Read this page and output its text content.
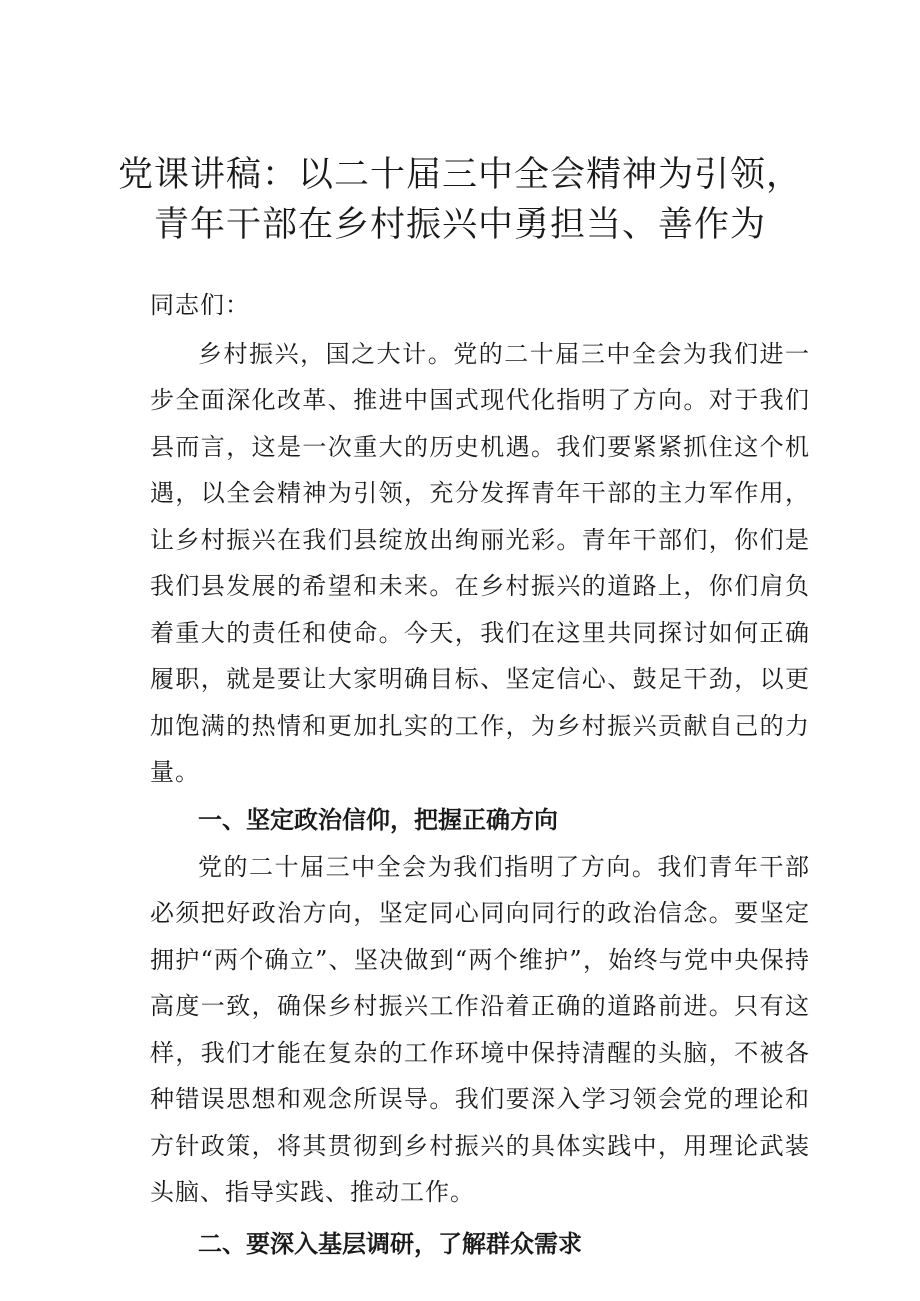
党课讲稿：以二十届三中全会精神为引领，
青年干部在乡村振兴中勇担当、善作为

同志们：

乡村振兴，国之大计。党的二十届三中全会为我们进一步全面深化改革、推进中国式现代化指明了方向。对于我们县而言，这是一次重大的历史机遇。我们要紧紧抓住这个机遇，以全会精神为引领，充分发挥青年干部的主力军作用，让乡村振兴在我们县绽放出绚丽光彩。青年干部们，你们是我们县发展的希望和未来。在乡村振兴的道路上，你们肩负着重大的责任和使命。今天，我们在这里共同探讨如何正确履职，就是要让大家明确目标、坚定信心、鼓足干劲，以更加饱满的热情和更加扎实的工作，为乡村振兴贡献自己的力量。

一、坚定政治信仰，把握正确方向

党的二十届三中全会为我们指明了方向。我们青年干部必须把好政治方向，坚定同心同向同行的政治信念。要坚定拥护“两个确立”、坚决做到“两个维护”，始终与党中央保持高度一致，确保乡村振兴工作沿着正确的道路前进。只有这样，我们才能在复杂的工作环境中保持清醒的头脑，不被各种错误思想和观念所误导。我们要深入学习领会党的理论和方针政策，将其贯彻到乡村振兴的具体实践中，用理论武装头脑、指导实践、推动工作。

二、要深入基层调研，了解群众需求
